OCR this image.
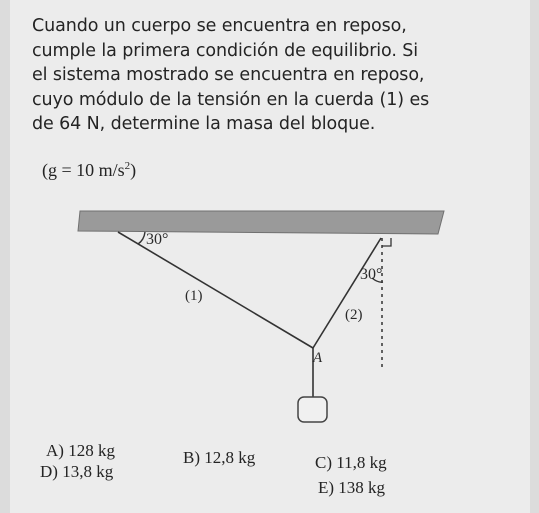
Cuando un cuerpo se encuentra en reposo,
cumple la primera condición de equilibrio. Si
el sistema mostrado se encuentra en reposo,
cuyo módulo de la tensión en la cuerda (1) es
de 64 N, determine la masa del bloque.
(g = 10 $m/s^2$)
30°
30°
(1)
(2)
A
A) 128 kg	B) 12,8 kg	C) 11,8 kg
D) 13,8 kg
E) 138 kg
